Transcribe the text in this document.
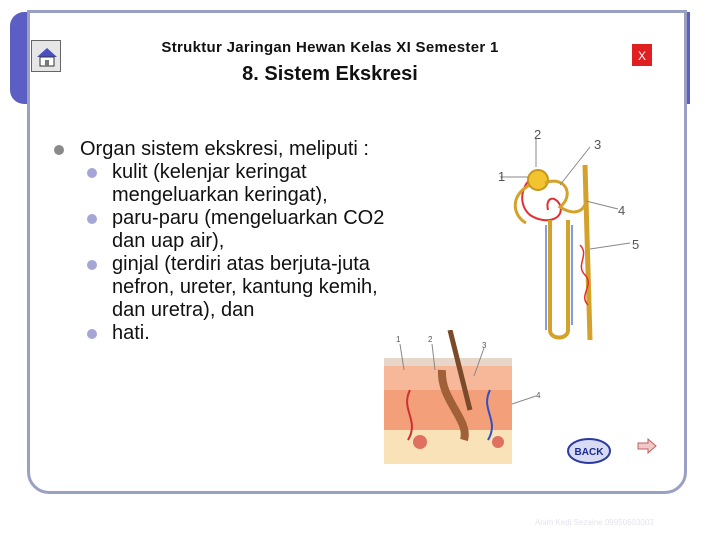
Struktur Jaringan Hewan Kelas XI Semester 1
8. Sistem Ekskresi
X
Organ sistem ekskresi, meliputi :
kulit (kelenjar keringat mengeluarkan keringat),
paru-paru (mengeluarkan CO2 dan uap air),
ginjal (terdiri atas berjuta-juta nefron, ureter, kantung kemih, dan uretra), dan
hati.
1
2
3
4
5
1	2
3
4
BACK
Anim Kedi Sezaine 09950603003
